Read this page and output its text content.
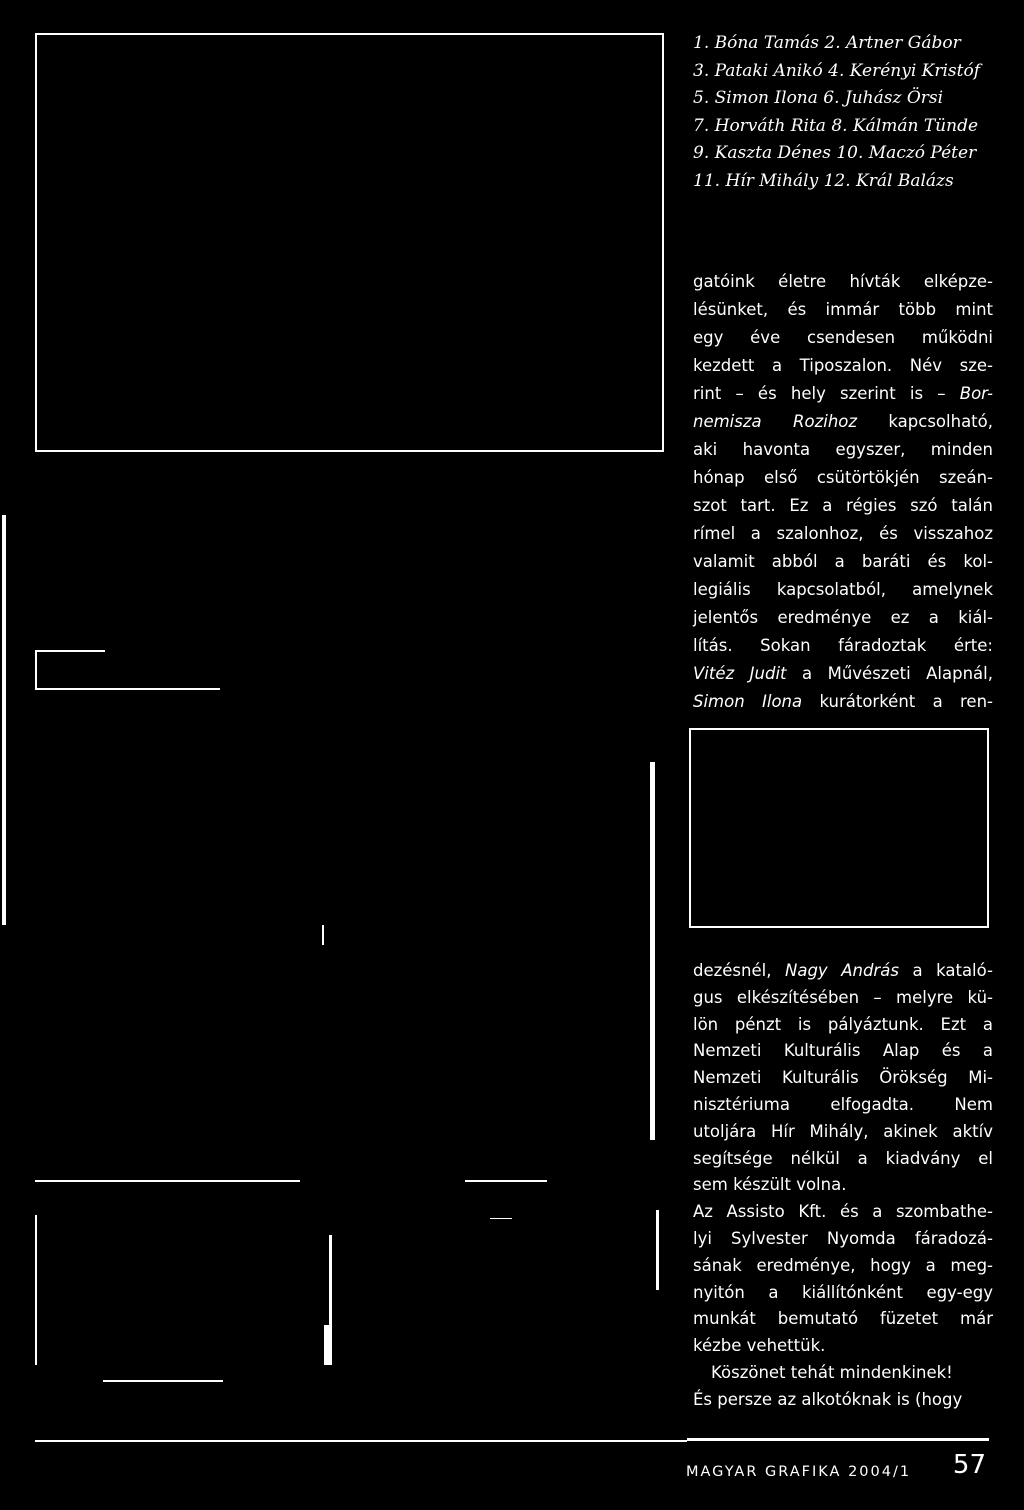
1. Bóna Tamás 2. Artner Gábor
3. Pataki Anikó 4. Kerényi Kristóf
5. Simon Ilona 6. Juhász Örsi
7. Horváth Rita 8. Kálmán Tünde
9. Kaszta Dénes 10. Maczó Péter
11. Hír Mihály 12. Král Balázs
gatóink életre hívták elképze-
lésünket, és immár több mint
egy éve csendesen működni
kezdett a Tiposzalon. Név sze-
rint – és hely szerint is – Bor-
nemisza Rozihoz kapcsolható,
aki havonta egyszer, minden
hónap első csütörtökjén szeán-
szot tart. Ez a régies szó talán
rímel a szalonhoz, és visszahoz
valamit abból a baráti és kol-
legiális kapcsolatból, amelynek
jelentős eredménye ez a kiál-
lítás. Sokan fáradoztak érte:
Vitéz Judit a Művészeti Alapnál,
Simon Ilona kurátorként a ren-
dezésnél, Nagy András a kataló-
gus elkészítésében – melyre kü-
lön pénzt is pályáztunk. Ezt a
Nemzeti Kulturális Alap és a
Nemzeti Kulturális Örökség Mi-
nisztériuma elfogadta. Nem
utoljára Hír Mihály, akinek aktív
segítsége nélkül a kiadvány el
sem készült volna.
Az Assisto Kft. és a szombathe-
lyi Sylvester Nyomda fáradozá-
sának eredménye, hogy a meg-
nyitón a kiállítónként egy-egy
munkát bemutató füzetet már
kézbe vehettük.
Köszönet tehát mindenkinek!
És persze az alkotóknak is (hogy
MAGYAR GRAFIKA 2004/1 57
